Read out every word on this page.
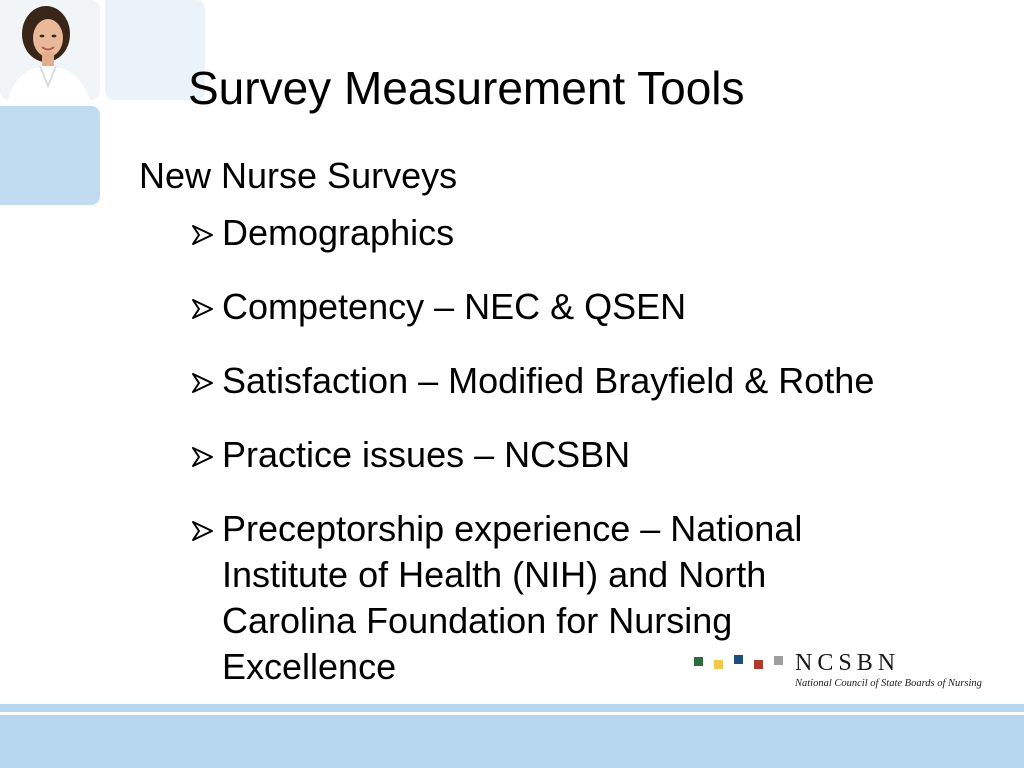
Survey Measurement Tools
New Nurse Surveys
Demographics
Competency – NEC & QSEN
Satisfaction – Modified Brayfield & Rothe
Practice issues – NCSBN
Preceptorship experience – National Institute of Health (NIH) and North Carolina Foundation for Nursing Excellence	NCSBN
National Council of State Boards of Nursing
